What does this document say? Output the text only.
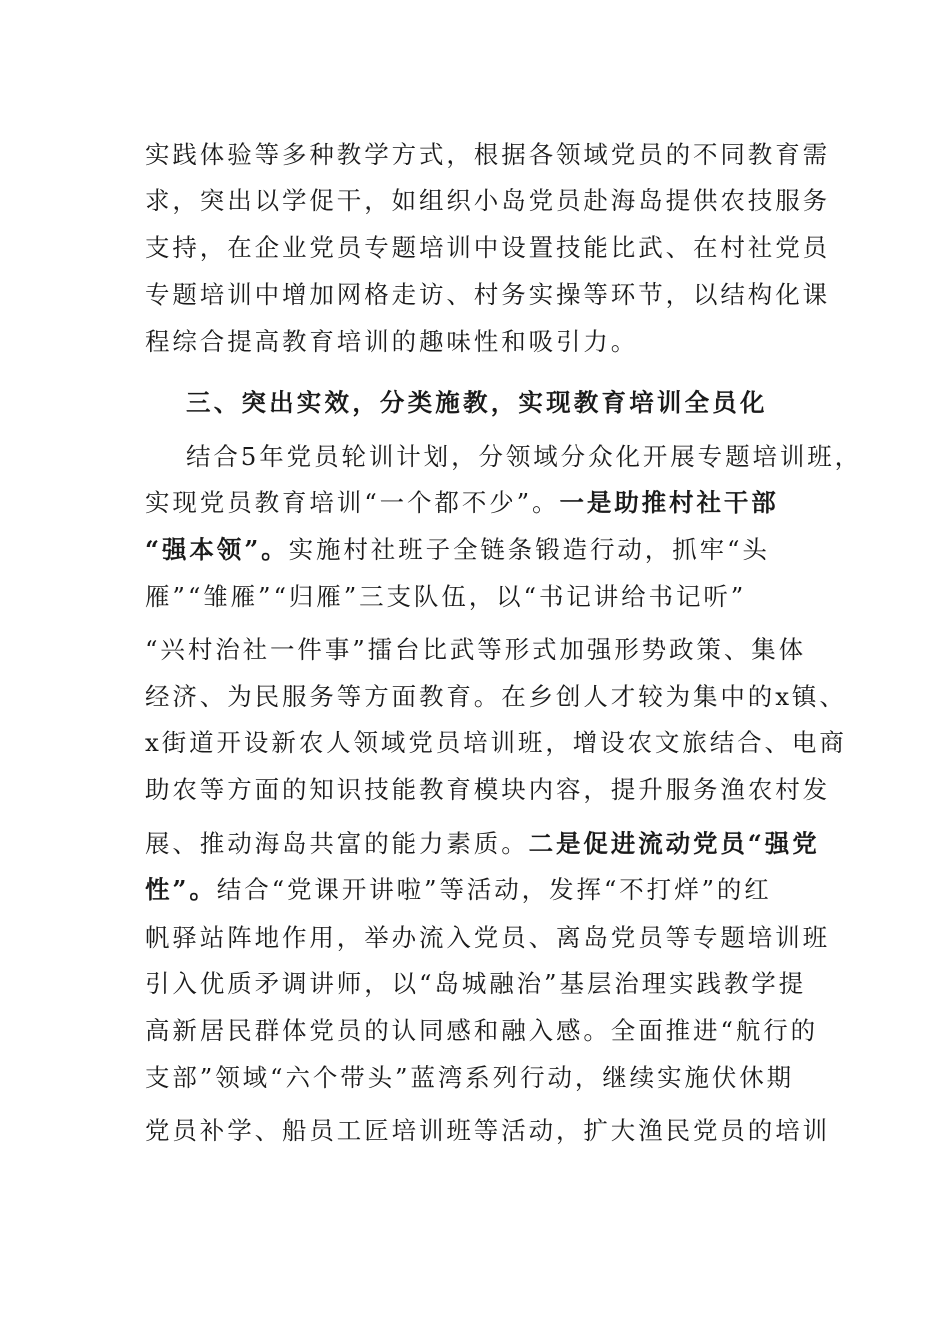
实践体验等多种教学方式，根据各领域党员的不同教育需
求，突出以学促干，如组织小岛党员赴海岛提供农技服务
支持，在企业党员专题培训中设置技能比武、在村社党员
专题培训中增加网格走访、村务实操等环节，以结构化课
程综合提高教育培训的趣味性和吸引力。
三、突出实效，分类施教，实现教育培训全员化
结合5年党员轮训计划，分领域分众化开展专题培训班，
实现党员教育培训“一个都不少”。一是助推村社干部
“强本领”。实施村社班子全链条锻造行动，抓牢“头
雁”“雏雁”“归雁”三支队伍，以“书记讲给书记听”
“兴村治社一件事”擂台比武等形式加强形势政策、集体
经济、为民服务等方面教育。在乡创人才较为集中的x镇、
x街道开设新农人领域党员培训班，增设农文旅结合、电商
助农等方面的知识技能教育模块内容，提升服务渔农村发
展、推动海岛共富的能力素质。二是促进流动党员“强党
性”。结合“党课开讲啦”等活动，发挥“不打烊”的红
帆驿站阵地作用，举办流入党员、离岛党员等专题培训班
引入优质矛调讲师，以“岛城融治”基层治理实践教学提
高新居民群体党员的认同感和融入感。全面推进“航行的
支部”领域“六个带头”蓝湾系列行动，继续实施伏休期
党员补学、船员工匠培训班等活动，扩大渔民党员的培训
